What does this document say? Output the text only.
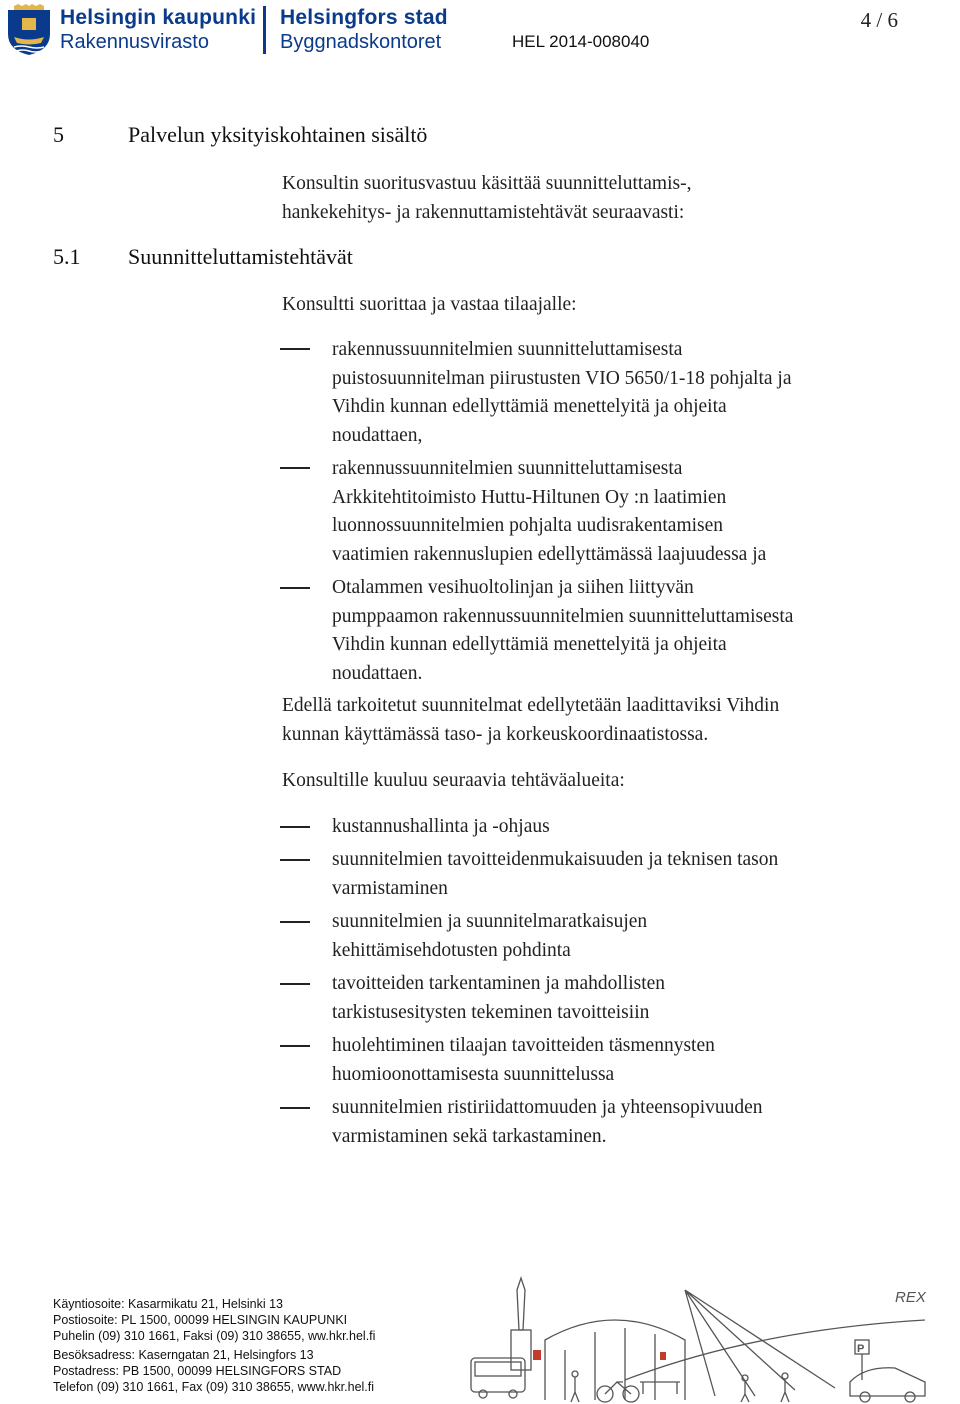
Helsingin kaupunki
Rakennusvirasto
Helsingfors stad
Byggnadskontoret	HEL 2014-008040
4 / 6
5	Palvelun yksityiskohtainen sisältö
Konsultin suoritusvastuu käsittää suunnitteluttamis-,
hankekehitys- ja rakennuttamistehtävät seuraavasti:
5.1 Suunnitteluttamistehtävät
Konsultti suorittaa ja vastaa tilaajalle:
rakennussuunnitelmien suunnitteluttamisesta
puistosuunnitelman piirustusten VIO 5650/1-18 pohjalta ja
Vihdin kunnan edellyttämiä menettelyitä ja ohjeita
noudattaen,
rakennussuunnitelmien suunnitteluttamisesta
Arkkitehtitoimisto Huttu-Hiltunen Oy :n laatimien
luonnossuunnitelmien pohjalta uudisrakentamisen
vaatimien rakennuslupien edellyttämässä laajuudessa ja
Otalammen vesihuoltolinjan ja siihen liittyvän
pumppaamon rakennussuunnitelmien suunnitteluttamisesta
Vihdin kunnan edellyttämiä menettelyitä ja ohjeita
noudattaen.
Edellä tarkoitetut suunnitelmat edellytetään laadittaviksi Vihdin
kunnan käyttämässä taso- ja korkeuskoordinaatistossa.
Konsultille kuuluu seuraavia tehtäväalueita:
kustannushallinta ja -ohjaus
suunnitelmien tavoitteidenmukaisuuden ja teknisen tason
varmistaminen
suunnitelmien ja suunnitelmaratkaisujen
kehittämisehdotusten pohdinta
tavoitteiden tarkentaminen ja mahdollisten
tarkistusesitysten tekeminen tavoitteisiin
huolehtiminen tilaajan tavoitteiden täsmennysten
huomioonottamisesta suunnittelussa
suunnitelmien ristiriidattomuuden ja yhteensopivuuden
varmistaminen sekä tarkastaminen.
Käyntiosoite: Kasarmikatu 21, Helsinki 13
Postiosoite: PL 1500, 00099 HELSINGIN KAUPUNKI
Puhelin (09) 310 1661, Faksi (09) 310 38655, ww.hkr.hel.fi
Besöksadress: Kaserngatan 21, Helsingfors 13
Postadress: PB 1500, 00099 HELSINGFORS STAD
Telefon (09) 310 1661, Fax (09) 310 38655, www.hkr.hel.fi
P
REX
